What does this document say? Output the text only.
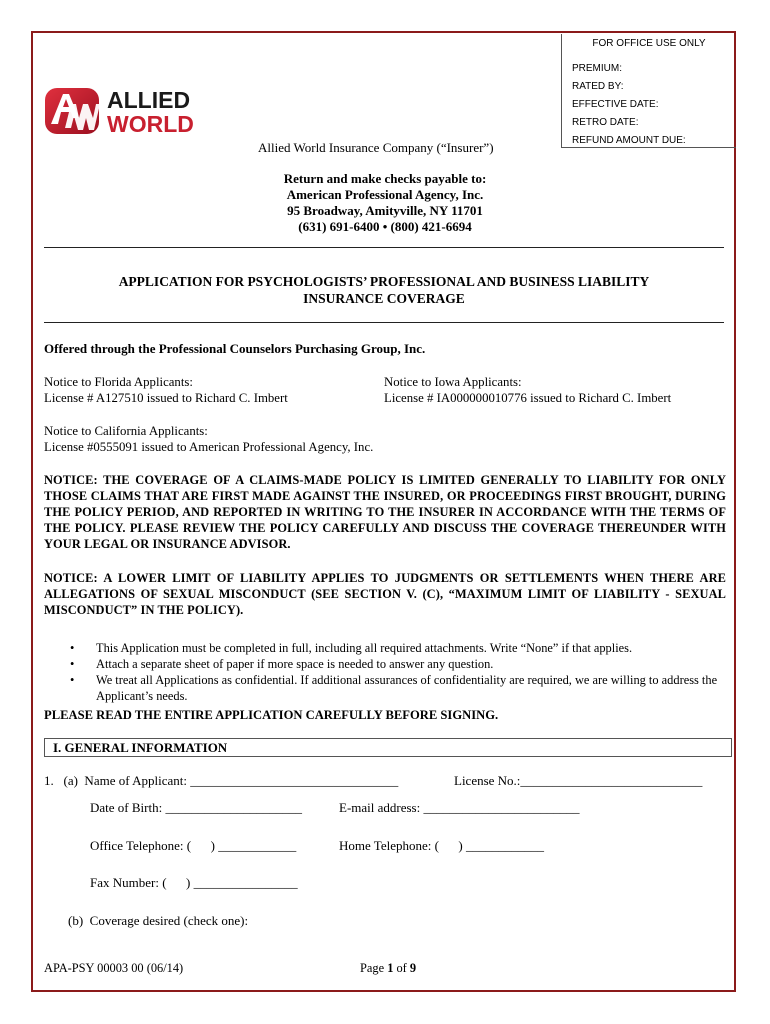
FOR OFFICE USE ONLY
PREMIUM:
RATED BY:
EFFECTIVE DATE:
RETRO DATE:
REFUND AMOUNT DUE:
ALLIED
WORLD
Allied World Insurance Company (“Insurer”)
Return and make checks payable to:
American Professional Agency, Inc.
95 Broadway, Amityville, NY 11701
(631) 691-6400 • (800) 421-6694
APPLICATION FOR PSYCHOLOGISTS’ PROFESSIONAL AND BUSINESS LIABILITY
INSURANCE COVERAGE
Offered through the Professional Counselors Purchasing Group, Inc.
Notice to Florida Applicants:
License # A127510 issued to Richard C. Imbert
Notice to Iowa Applicants:
License # IA000000010776 issued to Richard C. Imbert
Notice to California Applicants:
License #0555091 issued to American Professional Agency, Inc.
NOTICE: THE COVERAGE OF A CLAIMS-MADE POLICY IS LIMITED GENERALLY TO LIABILITY FOR ONLY THOSE CLAIMS THAT ARE FIRST MADE AGAINST THE INSURED, OR PROCEEDINGS FIRST BROUGHT, DURING THE POLICY PERIOD, AND REPORTED IN WRITING TO THE INSURER IN ACCORDANCE WITH THE TERMS OF THE POLICY. PLEASE REVIEW THE POLICY CAREFULLY AND DISCUSS THE COVERAGE THEREUNDER WITH YOUR LEGAL OR INSURANCE ADVISOR.
NOTICE: A LOWER LIMIT OF LIABILITY APPLIES TO JUDGMENTS OR SETTLEMENTS WHEN THERE ARE ALLEGATIONS OF SEXUAL MISCONDUCT (SEE SECTION V. (C), “MAXIMUM LIMIT OF LIABILITY - SEXUAL MISCONDUCT” IN THE POLICY).
•	This Application must be completed in full, including all required attachments. Write “None” if that applies.
•	Attach a separate sheet of paper if more space is needed to answer any question.
•	We treat all Applications as confidential. If additional assurances of confidentiality are required, we are willing to address the Applicant’s needs.
PLEASE READ THE ENTIRE APPLICATION CAREFULLY BEFORE SIGNING.
I. GENERAL INFORMATION
1.   (a)  Name of Applicant: ________________________________	License No.:____________________________
Date of Birth: _____________________	E-mail address: ________________________
Office Telephone: (      ) ____________	Home Telephone: (      ) ____________
Fax Number: (      ) ________________
(b)  Coverage desired (check one):
APA-PSY 00003 00 (06/14)	Page 1 of 9
